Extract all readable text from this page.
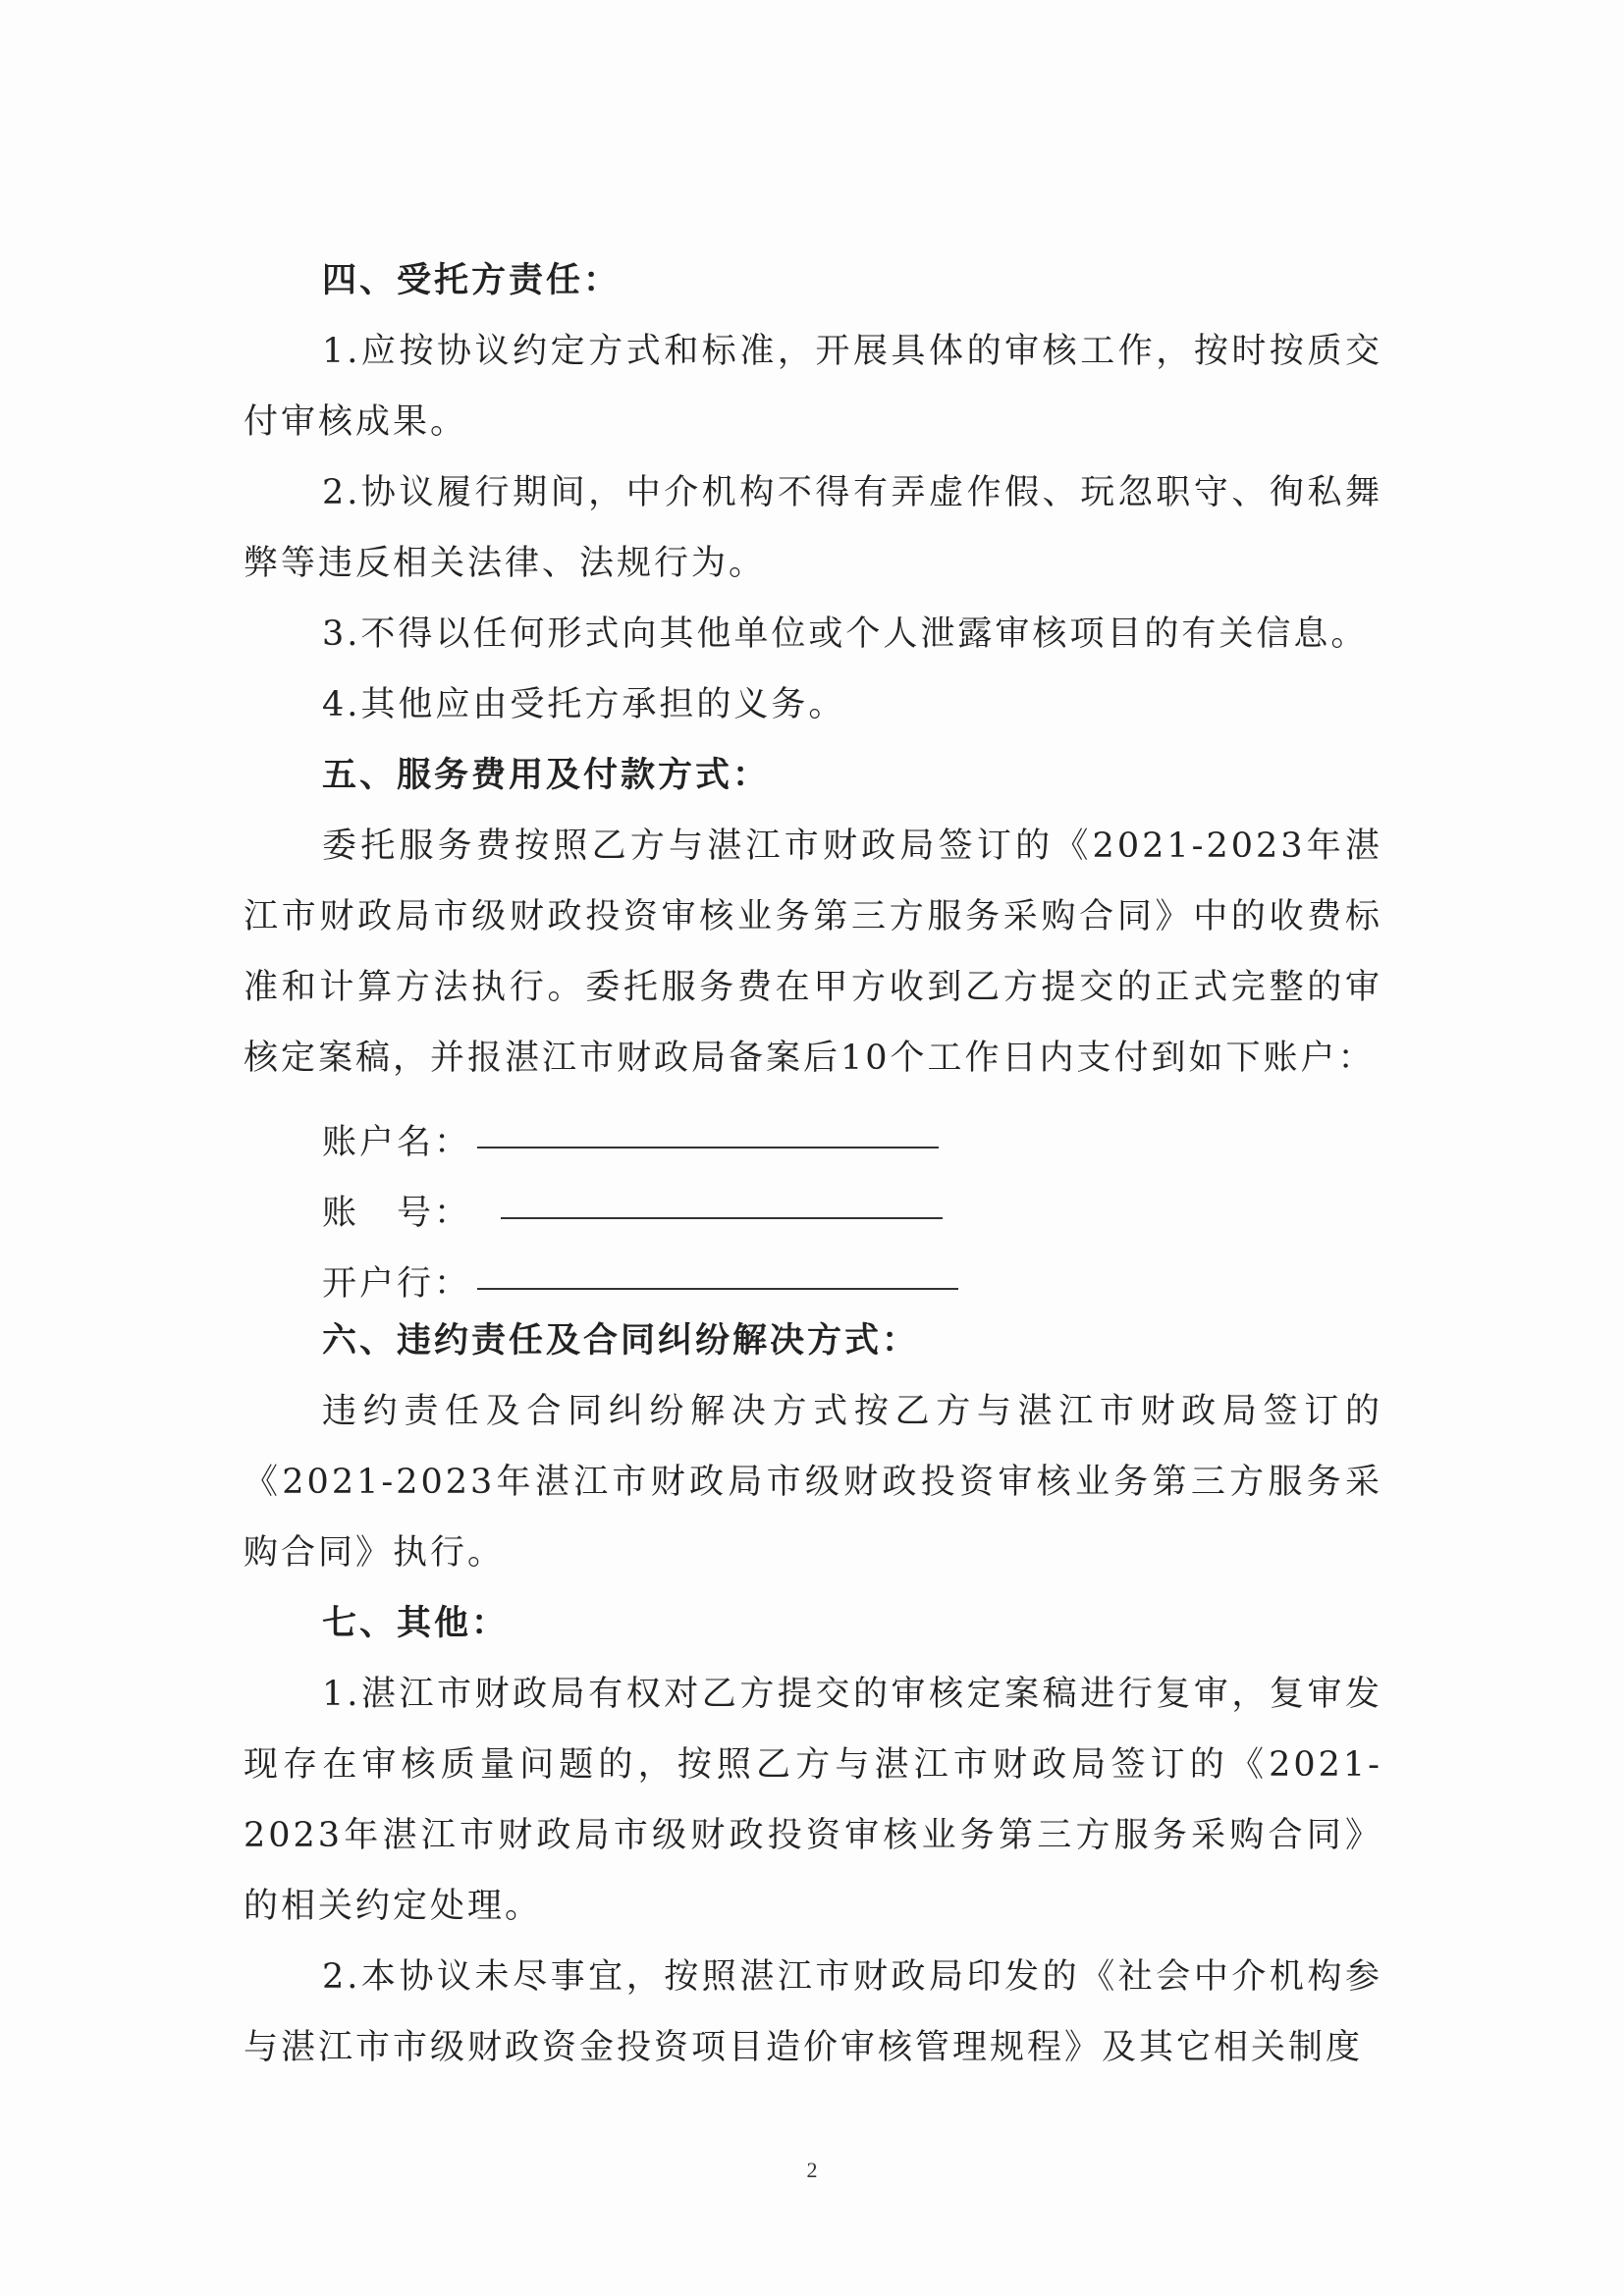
四、受托方责任：

1.应按协议约定方式和标准，开展具体的审核工作，按时按质交付审核成果。

2.协议履行期间，中介机构不得有弄虚作假、玩忽职守、徇私舞弊等违反相关法律、法规行为。

3.不得以任何形式向其他单位或个人泄露审核项目的有关信息。

4.其他应由受托方承担的义务。

五、服务费用及付款方式：

委托服务费按照乙方与湛江市财政局签订的《2021-2023年湛江市财政局市级财政投资审核业务第三方服务采购合同》中的收费标准和计算方法执行。委托服务费在甲方收到乙方提交的正式完整的审核定案稿，并报湛江市财政局备案后10个工作日内支付到如下账户：

账户名：
账　号：
开户行：

六、违约责任及合同纠纷解决方式：

违约责任及合同纠纷解决方式按乙方与湛江市财政局签订的《2021-2023年湛江市财政局市级财政投资审核业务第三方服务采购合同》执行。

七、其他：

1.湛江市财政局有权对乙方提交的审核定案稿进行复审，复审发现存在审核质量问题的，按照乙方与湛江市财政局签订的《2021-2023年湛江市财政局市级财政投资审核业务第三方服务采购合同》的相关约定处理。

2.本协议未尽事宜，按照湛江市财政局印发的《社会中介机构参与湛江市市级财政资金投资项目造价审核管理规程》及其它相关制度

2
